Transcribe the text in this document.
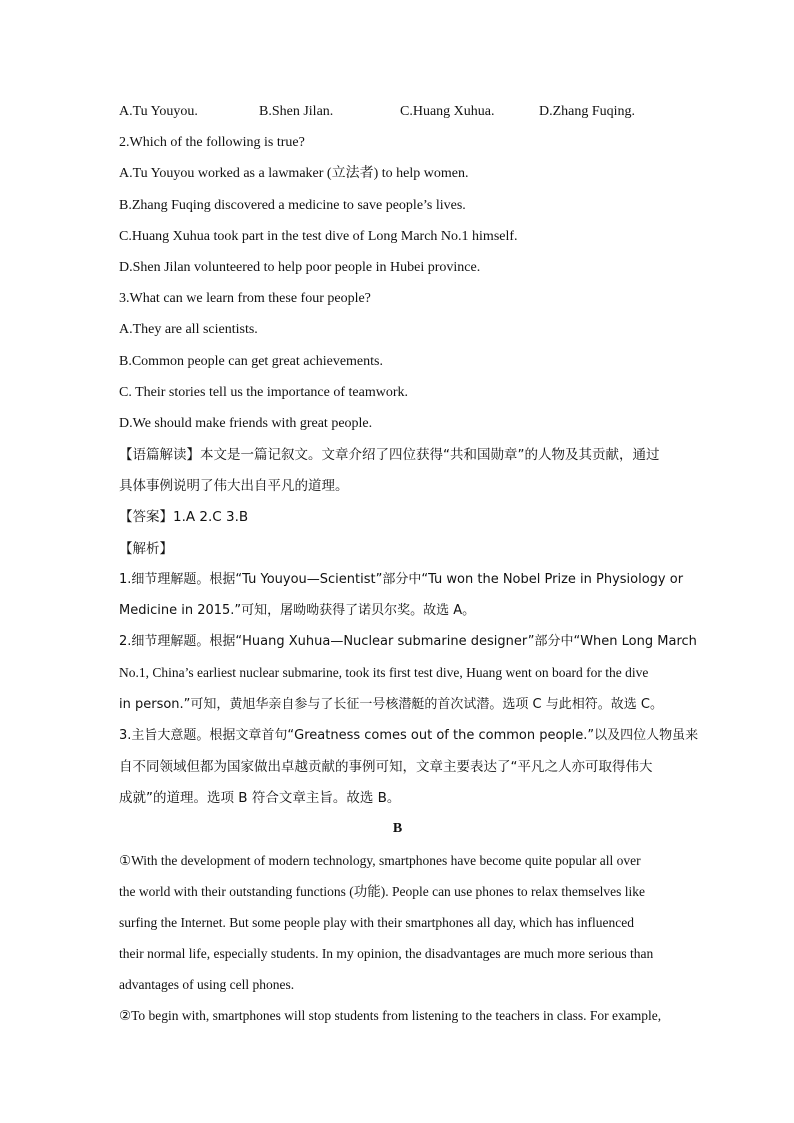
A.Tu Youyou.	B.Shen Jilan.	C.Huang Xuhua.	D.Zhang Fuqing.
2.Which of the following is true?
A.Tu Youyou worked as a lawmaker (立法者) to help women.
B.Zhang Fuqing discovered a medicine to save people’s lives.
C.Huang Xuhua took part in the test dive of Long March No.1 himself.
D.Shen Jilan volunteered to help poor people in Hubei province.
3.What can we learn from these four people?
A.They are all scientists.
B.Common people can get great achievements.
C. Their stories tell us the importance of teamwork.
D.We should make friends with great people.
【语篇解读】本文是一篇记叙文。文章介绍了四位获得“共和国勋章”的人物及其贡献，通过
具体事例说明了伟大出自平凡的道理。
【答案】1.A 2.C 3.B
【解析】
1.细节理解题。根据“Tu Youyou—Scientist”部分中“Tu won the Nobel Prize in Physiology or
Medicine in 2015.”可知，屠呦呦获得了诺贝尔奖。故选 A。
2.细节理解题。根据“Huang Xuhua—Nuclear submarine designer”部分中“When Long March
No.1, China’s earliest nuclear submarine, took its first test dive, Huang went on board for the dive
in person.”可知，黄旭华亲自参与了长征一号核潜艇的首次试潜。选项 C 与此相符。故选 C。
3.主旨大意题。根据文章首句“Greatness comes out of the common people.”以及四位人物虽来
自不同领域但都为国家做出卓越贡献的事例可知，文章主要表达了“平凡之人亦可取得伟大
成就”的道理。选项 B 符合文章主旨。故选 B。
B
①With the development of modern technology, smartphones have become quite popular all over
the world with their outstanding functions (功能). People can use phones to relax themselves like
surfing the Internet. But some people play with their smartphones all day, which has influenced
their normal life, especially students. In my opinion, the disadvantages are much more serious than
advantages of using cell phones.
②To begin with, smartphones will stop students from listening to the teachers in class. For example,
